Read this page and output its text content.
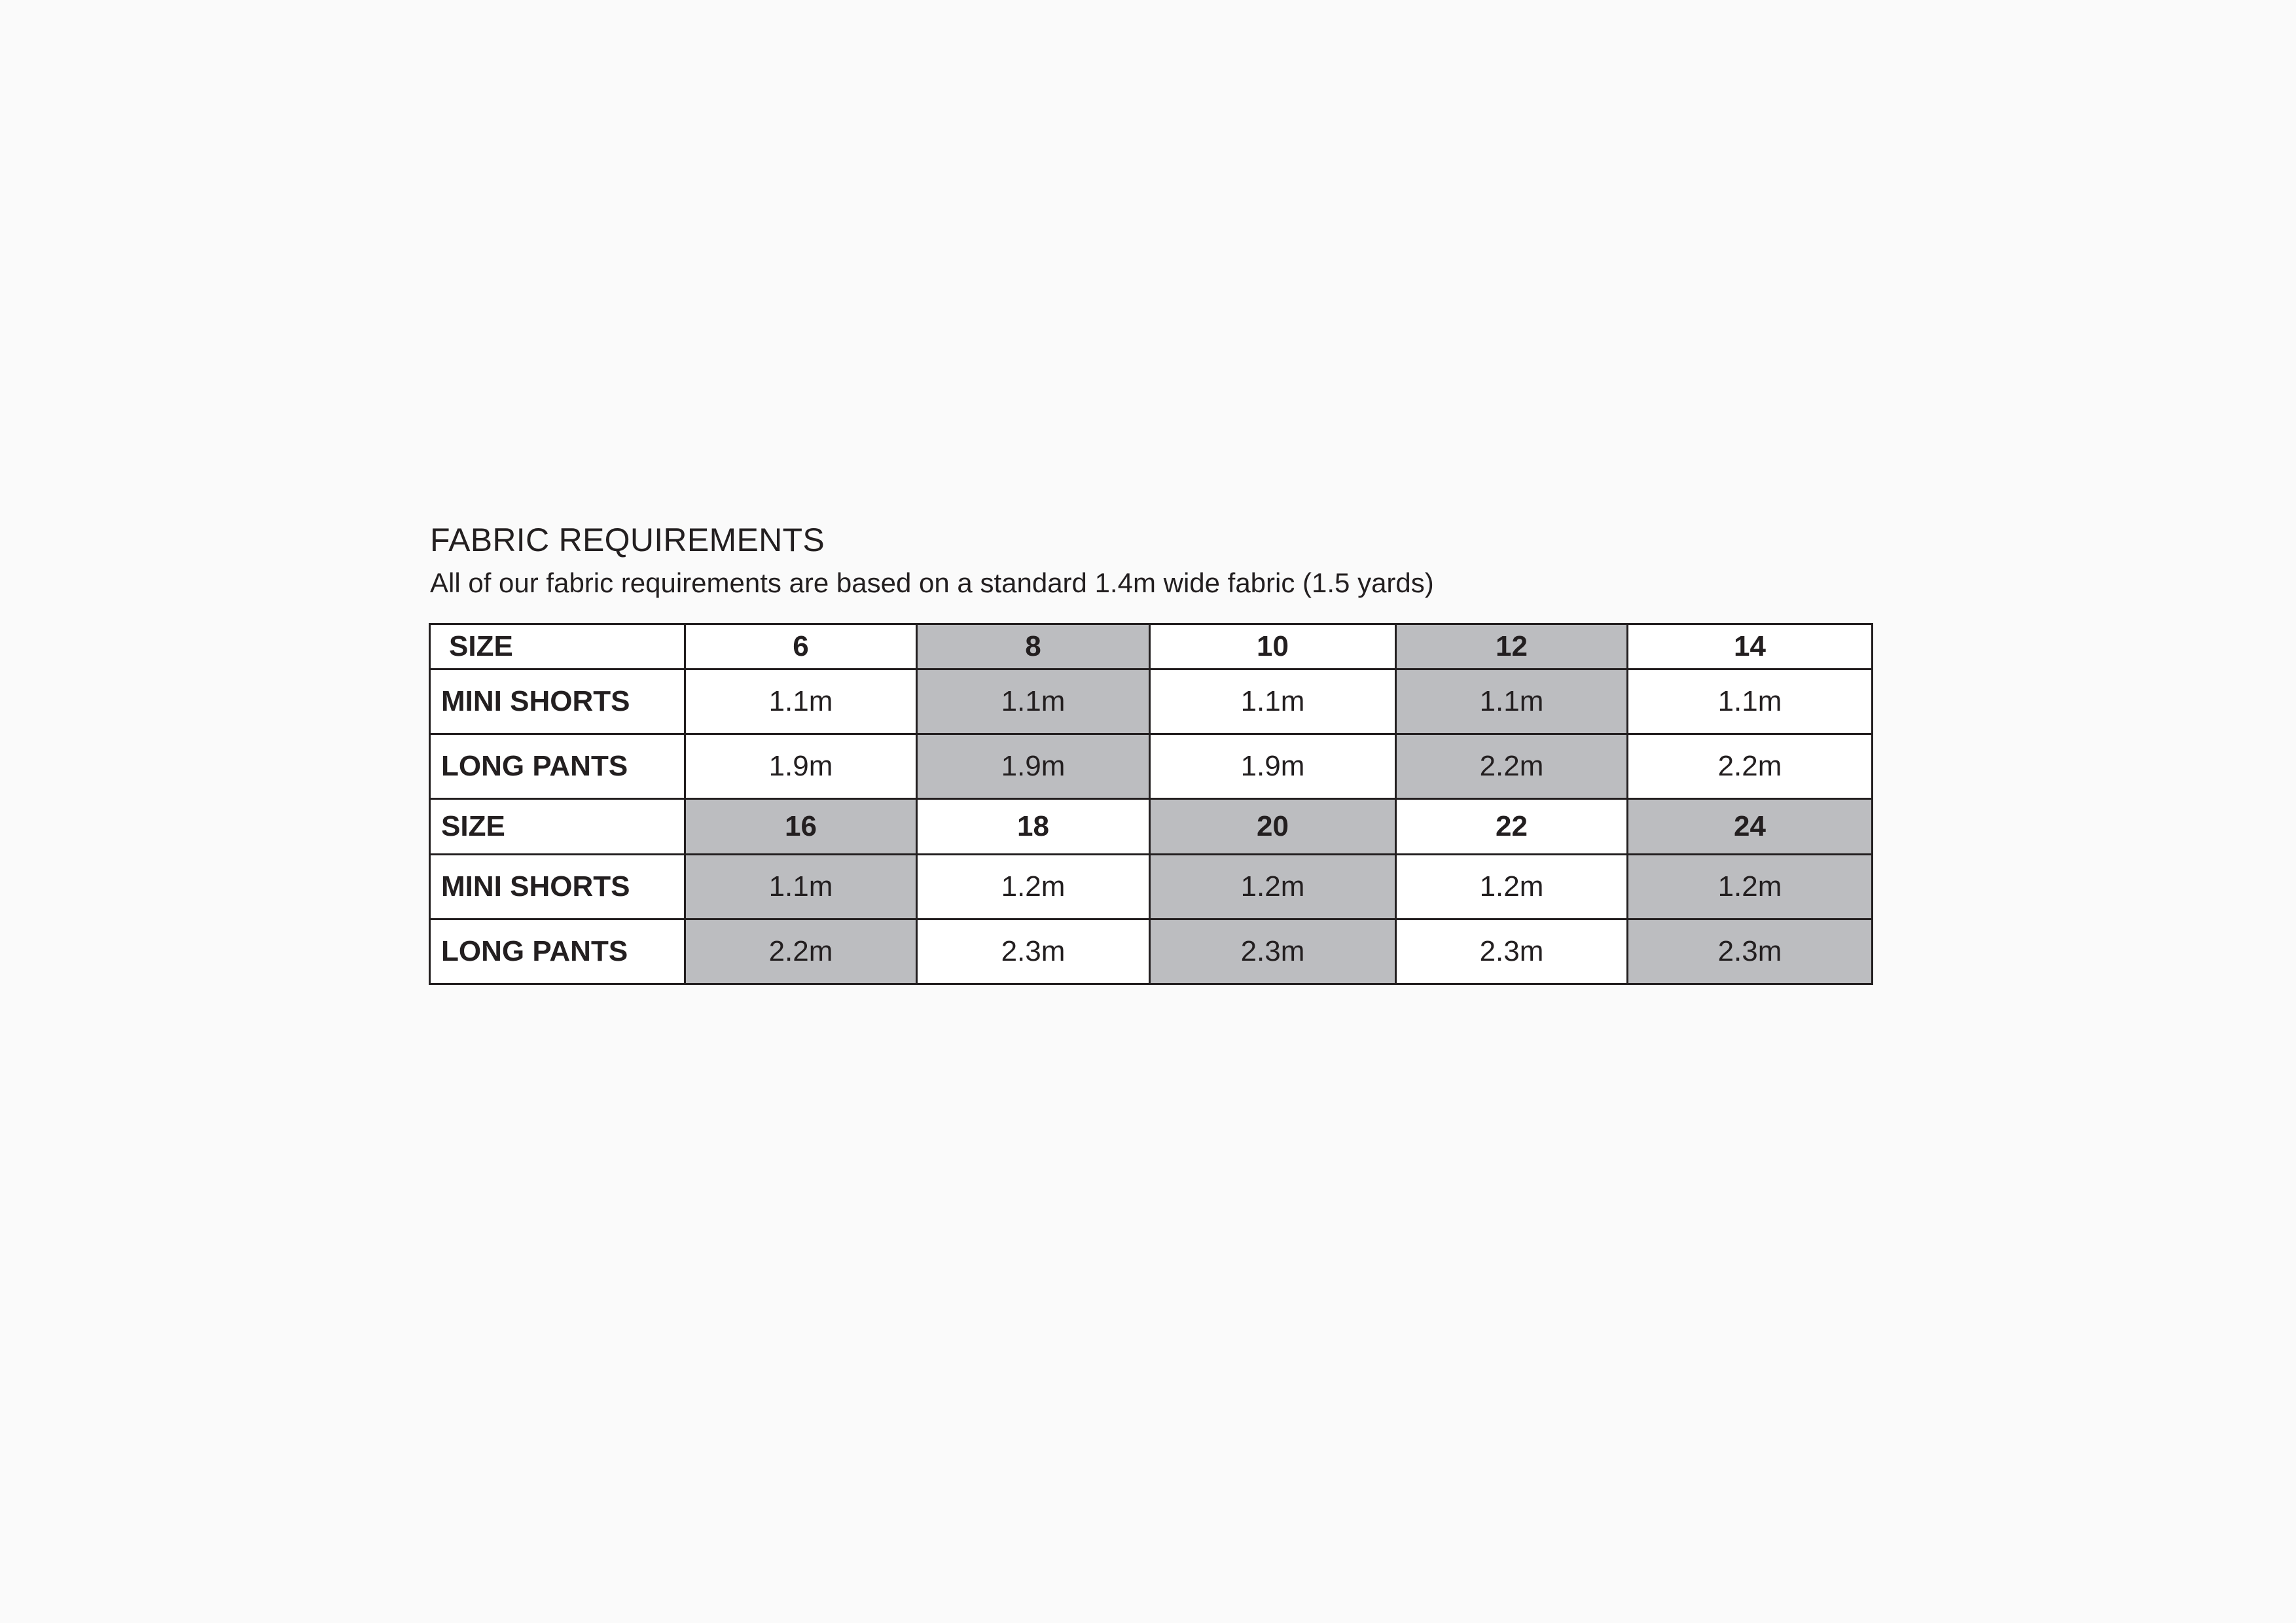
FABRIC REQUIREMENTS
All of our fabric requirements are based on a standard 1.4m wide fabric (1.5 yards)
SIZE	6	8	10	12	14
MINI SHORTS	1.1m	1.1m	1.1m	1.1m	1.1m
LONG PANTS	1.9m	1.9m	1.9m	2.2m	2.2m
SIZE	16	18	20	22	24
MINI SHORTS	1.1m	1.2m	1.2m	1.2m	1.2m
LONG PANTS	2.2m	2.3m	2.3m	2.3m	2.3m
